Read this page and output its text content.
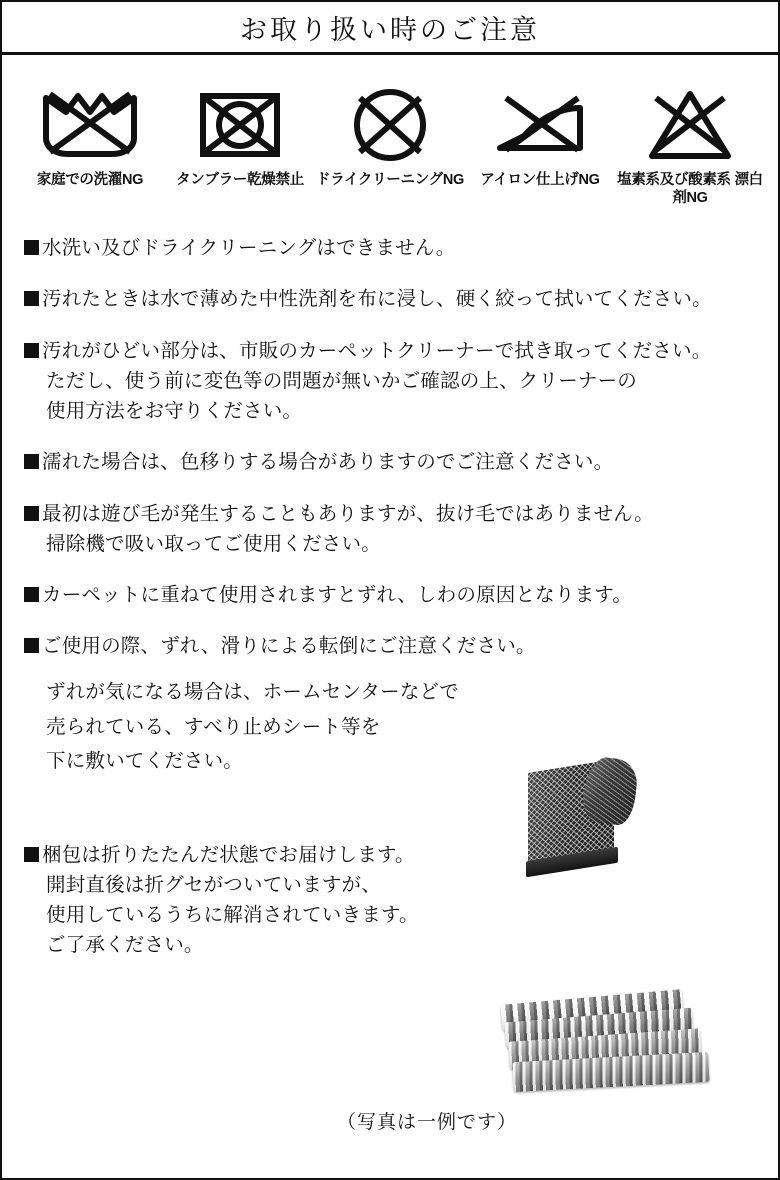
お取り扱い時のご注意
家庭での洗濯NG タンブラー乾燥禁止 ドライクリーニングNG アイロン仕上げNG 塩素系及び酸素系 漂白剤NG
水洗い及びドライクリーニングはできません。
汚れたときは水で薄めた中性洗剤を布に浸し、硬く絞って拭いてください。
汚れがひどい部分は、市販のカーペットクリーナーで拭き取ってください。
ただし、使う前に変色等の問題が無いかご確認の上、クリーナーの
使用方法をお守りください。
濡れた場合は、色移りする場合がありますのでご注意ください。
最初は遊び毛が発生することもありますが、抜け毛ではありません。
掃除機で吸い取ってご使用ください。
カーペットに重ねて使用されますとずれ、しわの原因となります。
ご使用の際、ずれ、滑りによる転倒にご注意ください。
ずれが気になる場合は、ホームセンターなどで
売られている、すべり止めシート等を
下に敷いてください。
梱包は折りたたんだ状態でお届けします。
開封直後は折グセがついていますが、
使用しているうちに解消されていきます。
ご了承ください。
（写真は一例です）
